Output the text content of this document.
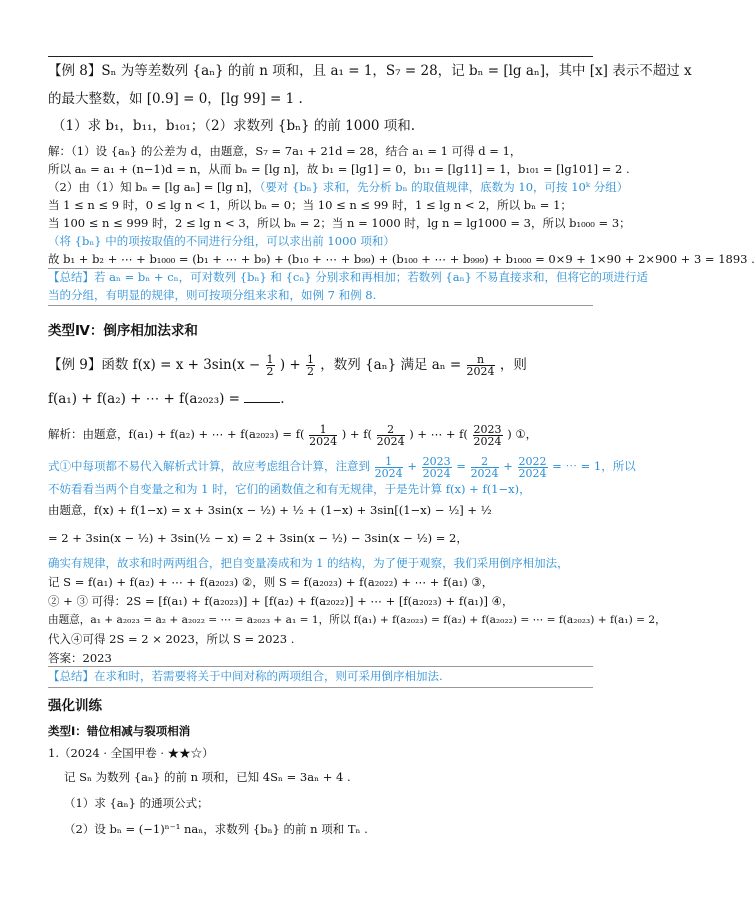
【例 8】Sₙ 为等差数列 {aₙ} 的前 n 项和，且 a₁ = 1，S₇ = 28，记 bₙ = [lg aₙ]，其中 [x] 表示不超过 x
的最大整数，如 [0.9] = 0，[lg 99] = 1 .
（1）求 b₁，b₁₁，b₁₀₁；（2）求数列 {bₙ} 的前 1000 项和.
解：（1）设 {aₙ} 的公差为 d，由题意，S₇ = 7a₁ + 21d = 28，结合 a₁ = 1 可得 d = 1，
所以 aₙ = a₁ + (n−1)d = n，从而 bₙ = [lg n]，故 b₁ = [lg1] = 0，b₁₁ = [lg11] = 1，b₁₀₁ = [lg101] = 2 .
（2）由（1）知 bₙ = [lg aₙ] = [lg n]，（要对 {bₙ} 求和，先分析 bₙ 的取值规律，底数为 10，可按 10ᵏ 分组）
当 1 ≤ n ≤ 9 时，0 ≤ lg n < 1，所以 bₙ = 0；当 10 ≤ n ≤ 99 时，1 ≤ lg n < 2，所以 bₙ = 1；
当 100 ≤ n ≤ 999 时，2 ≤ lg n < 3，所以 bₙ = 2；当 n = 1000 时，lg n = lg1000 = 3，所以 b₁₀₀₀ = 3；
（将 {bₙ} 中的项按取值的不同进行分组，可以求出前 1000 项和）
故 b₁ + b₂ + ⋯ + b₁₀₀₀ = (b₁ + ⋯ + b₉) + (b₁₀ + ⋯ + b₉₉) + (b₁₀₀ + ⋯ + b₉₉₉) + b₁₀₀₀ = 0×9 + 1×90 + 2×900 + 3 = 1893 .
【总结】若 aₙ = bₙ + cₙ，可对数列 {bₙ} 和 {cₙ} 分别求和再相加；若数列 {aₙ} 不易直接求和，但将它的项进行适
当的分组，有明显的规律，则可按项分组来求和，如例 7 和例 8.
类型Ⅳ：倒序相加法求和
【例 9】函数 $f(x) = x + 3\sin(x - \frac{1}{2}$ ) + $\frac{1}{2}$ ，数列 {aₙ} 满足 $a_n = \frac{n}{2024}$ ，则
f(a₁) + f(a₂) + ⋯ + f(a₂₀₂₃) =	.
解析：由题意，f(a₁) + f(a₂) + ⋯ + $f(a_{2023}) = f( \frac{1}{2024}$ ) + $f( \frac{2}{2024}$ ) + ⋯ + $f( \frac{2023}{2024}$ ) ①，
式①中每项都不易代入解析式计算，故应考虑组合计算，注意到 $\frac{1}{2024} + \frac{2023}{2024} = \frac{2}{2024} + \frac{2022}{2024}$ = ⋯ = 1，所以
不妨看看当两个自变量之和为 1 时，它们的函数值之和有无规律，于是先计算 f(x) + f(1−x)，
由题意，f(x) + f(1−x) = x + 3sin(x − ½) + ½ + (1−x) + 3sin[(1−x) − ½] + ½
= 2 + 3sin(x − ½) + 3sin(½ − x) = 2 + 3sin(x − ½) − 3sin(x − ½) = 2，
确实有规律，故求和时两两组合，把自变量凑成和为 1 的结构，为了便于观察，我们采用倒序相加法，
记 S = f(a₁) + f(a₂) + ⋯ + f(a₂₀₂₃) ②，则 S = f(a₂₀₂₃) + f(a₂₀₂₂) + ⋯ + f(a₁) ③，
② + ③ 可得：2S = [f(a₁) + f(a₂₀₂₃)] + [f(a₂) + f(a₂₀₂₂)] + ⋯ + [f(a₂₀₂₃) + f(a₁)] ④，
由题意，a₁ + a₂₀₂₃ = a₂ + a₂₀₂₂ = ⋯ = a₂₀₂₃ + a₁ = 1，所以 f(a₁) + f(a₂₀₂₃) = f(a₂) + f(a₂₀₂₂) = ⋯ = f(a₂₀₂₃) + f(a₁) = 2，
代入④可得 2S = 2 × 2023，所以 S = 2023 .
答案：2023
【总结】在求和时，若需要将关于中间对称的两项组合，则可采用倒序相加法.
强化训练
类型Ⅰ：错位相减与裂项相消
1.（2024 · 全国甲卷 · ★★☆）
记 Sₙ 为数列 {aₙ} 的前 n 项和，已知 4Sₙ = 3aₙ + 4 .
（1）求 {aₙ} 的通项公式；
（2）设 bₙ = (−1)ⁿ⁻¹ naₙ，求数列 {bₙ} 的前 n 项和 Tₙ .
